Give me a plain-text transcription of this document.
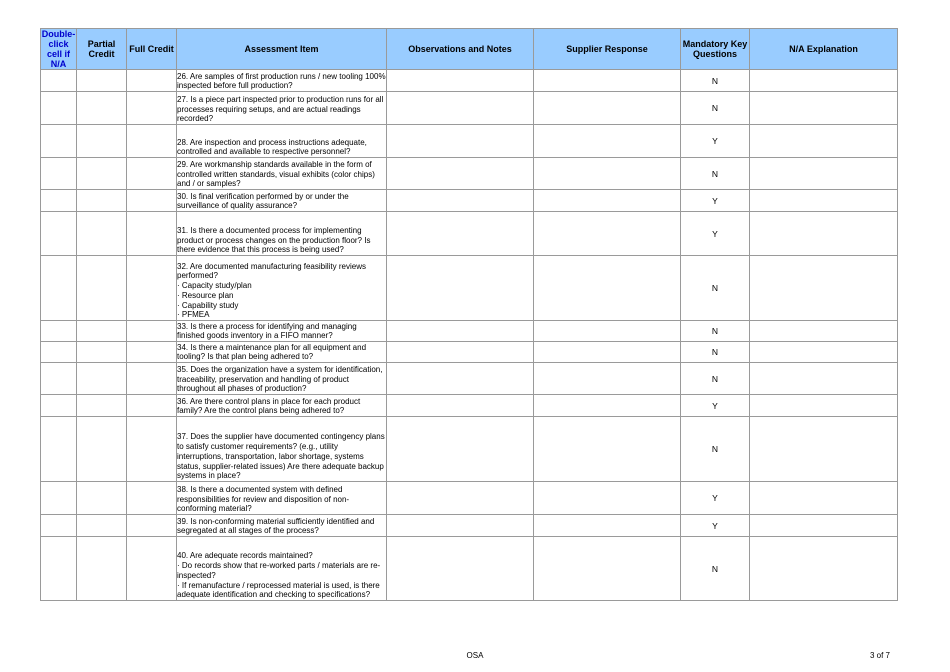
Double-click cell if N/A	Partial Credit	Full Credit	Assessment Item	Observations and Notes	Supplier Response	Mandatory Key Questions	N/A Explanation
			26. Are samples of first production runs / new tooling 100% inspected before full production?			N	
			27. Is a piece part inspected prior to production runs for all processes requiring setups, and are actual readings recorded?			N	
			28. Are inspection and process instructions adequate, controlled and available to respective personnel?			Y	
			29. Are workmanship standards available in the form of controlled written standards, visual exhibits (color chips) and / or samples?			N	
			30. Is final verification performed by or under the surveillance of quality assurance?			Y	
			31. Is there a documented process for implementing product or process changes on the production floor? Is there evidence that this process is being used?			Y	
			32. Are documented manufacturing feasibility reviews performed?
· Capacity study/plan
· Resource plan
· Capability study
· PFMEA			N	
			33. Is there a process for identifying and managing finished goods inventory in a FIFO manner?			N	
			34. Is there a maintenance plan for all equipment and tooling? Is that plan being adhered to?			N	
			35. Does the organization have a system for identification, traceability, preservation and handling of product throughout all phases of production?			N	
			36. Are there control plans in place for each product family? Are the control plans being adhered to?			Y	
			37. Does the supplier have documented contingency plans to satisfy customer requirements? (e.g., utility interruptions, transportation, labor shortage, systems status, supplier-related issues) Are there adequate backup systems in place?			N	
			38. Is there a documented system with defined responsibilities for review and disposition of non-conforming material?			Y	
			39. Is non-conforming material sufficiently identified and segregated at all stages of the process?			Y	
			40. Are adequate records maintained?
· Do records show that re-worked parts / materials are re-inspected?
· If remanufacture / reprocessed material is used, is there adequate identification and checking to specifications?			N	
OSA	3 of 7
